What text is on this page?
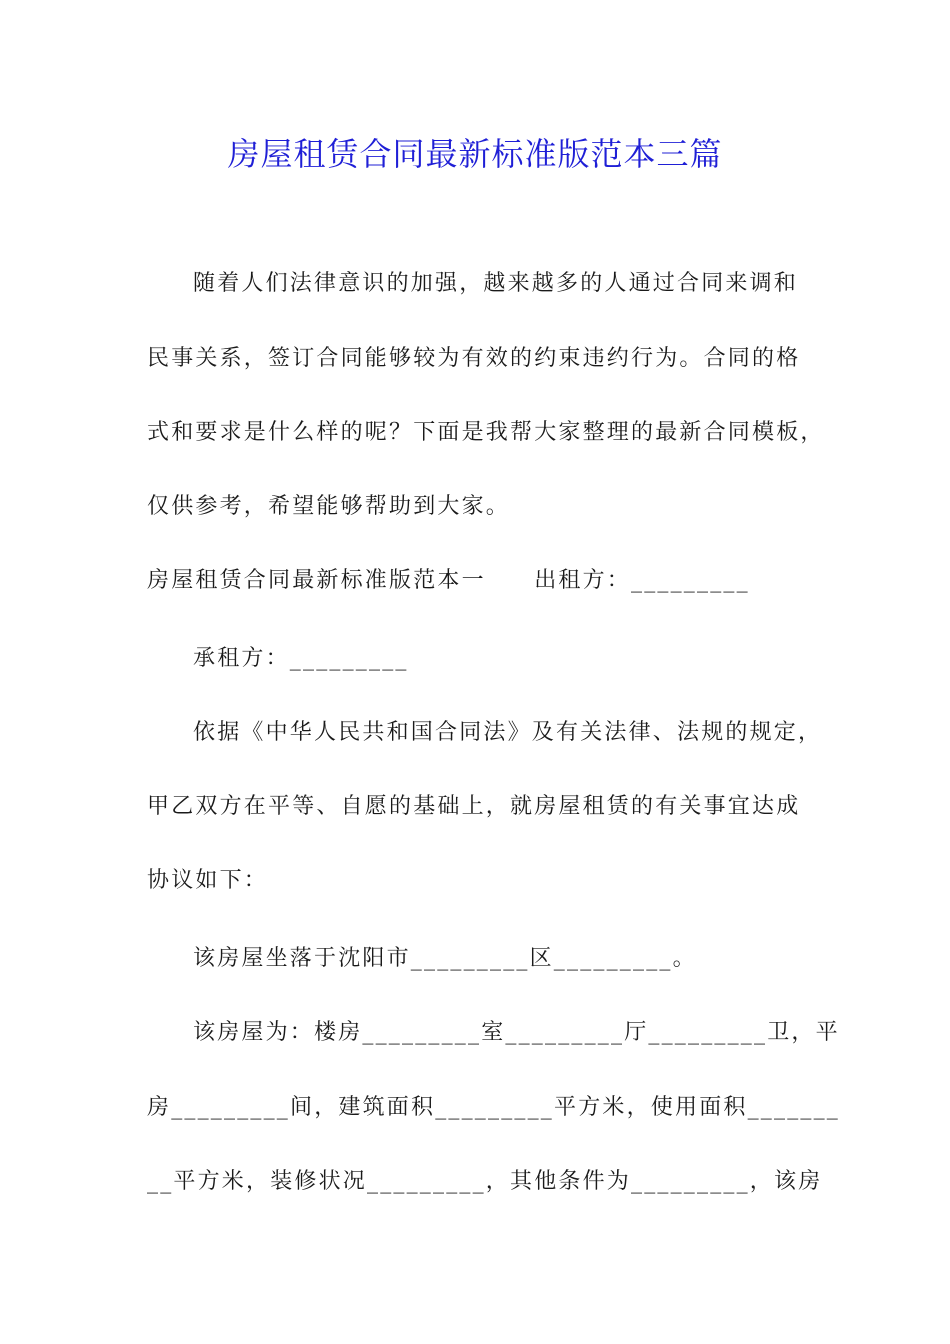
房屋租赁合同最新标准版范本三篇
随着人们法律意识的加强，越来越多的人通过合同来调和
民事关系，签订合同能够较为有效的约束违约行为。合同的格
式和要求是什么样的呢？下面是我帮大家整理的最新合同模板，
仅供参考，希望能够帮助到大家。
房屋租赁合同最新标准版范本一　　出租方：_________
承租方：_________
依据《中华人民共和国合同法》及有关法律、法规的规定，
甲乙双方在平等、自愿的基础上，就房屋租赁的有关事宜达成
协议如下：
该房屋坐落于沈阳市_________区_________。
该房屋为：楼房_________室_________厅_________卫，平
房_________间，建筑面积_________平方米，使用面积_______
__平方米，装修状况_________，其他条件为_________，该房
